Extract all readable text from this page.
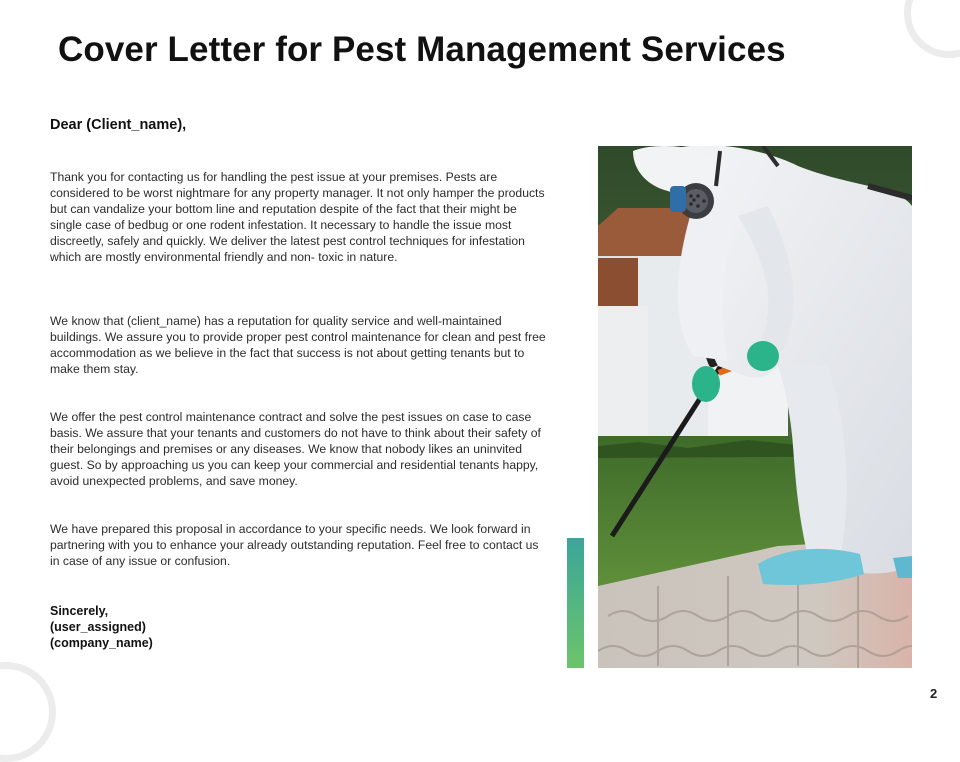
Cover Letter for Pest Management Services

Dear (Client_name),

Thank you for contacting us for handling the pest issue at your premises. Pests are considered to be worst nightmare for any property manager. It not only hamper the products but can vandalize your bottom line and reputation despite of the fact that their might be single case of bedbug or one rodent infestation. It necessary to handle the issue most discreetly, safely and quickly. We deliver the latest pest control techniques for infestation which are mostly environmental friendly and non- toxic in nature.

We know that (client_name) has a reputation for quality service and well-maintained buildings. We assure you to provide proper pest control maintenance for clean and pest free accommodation as we believe in the fact that success is not about getting tenants but to make them stay.

We offer the pest control maintenance contract and solve the pest issues on case to case basis. We assure that your tenants and customers do not have to think about their safety of their belongings and premises or any diseases. We know that nobody likes an uninvited guest. So by approaching us you can keep your commercial and residential tenants happy, avoid unexpected problems, and save money.

We have prepared this proposal in accordance to your specific needs. We look forward in partnering with you to enhance your already outstanding reputation. Feel free to contact us in case of any issue or confusion.

Sincerely,
(user_assigned)
(company_name)
2
